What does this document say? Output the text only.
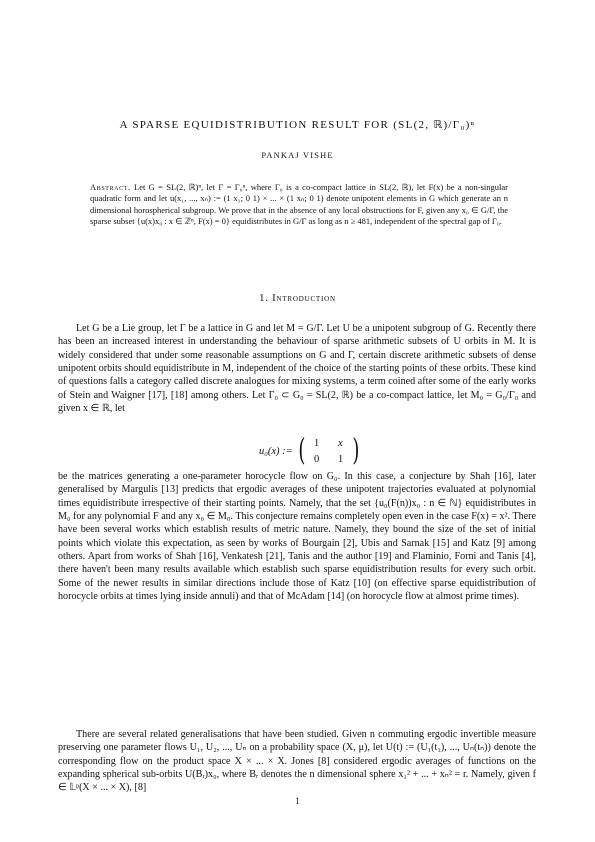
A SPARSE EQUIDISTRIBUTION RESULT FOR (SL(2, ℝ)/Γ₀)ⁿ
PANKAJ VISHE
Abstract. Let G = SL(2, ℝ)ⁿ, let Γ = Γ₀ⁿ, where Γ₀ is a co-compact lattice in SL(2, ℝ), let F(x) be a non-singular quadratic form and let u(x₁, ..., xₙ) := (1 x₁; 0 1) × ... × (1 xₙ; 0 1) denote unipotent elements in G which generate an n dimensional horospherical subgroup. We prove that in the absence of any local obstructions for F, given any x₀ ∈ G/Γ, the sparse subset {u(x)x₀ : x ∈ ℤⁿ, F(x) = 0} equidistributes in G/Γ as long as n ≥ 481, independent of the spectral gap of Γ₀.
1. Introduction

Let G be a Lie group, let Γ be a lattice in G and let M = G/Γ. Let U be a unipotent subgroup of G. Recently there has been an increased interest in understanding the behaviour of sparse arithmetic subsets of U orbits in M. It is widely considered that under some reasonable assumptions on G and Γ, certain discrete arithmetic subsets of dense unipotent orbits should equidistribute in M, independent of the choice of the starting points of these orbits. These kind of questions falls a category called discrete analogues for mixing systems, a term coined after some of the early works of Stein and Waigner [17], [18] among others. Let Γ₀ ⊂ G₀ = SL(2, ℝ) be a co-compact lattice, let M₀ = G₀/Γ₀ and given x ∈ ℝ, let

u₀(x) := ( 1 x
0 1 )

be the matrices generating a one-parameter horocycle flow on G₀. In this case, a conjecture by Shah [16], later generalised by Margulis [13] predicts that ergodic averages of these unipotent trajectories evaluated at polynomial times equidistribute irrespective of their starting points. Namely, that the set {u₀(F(n))x₀ : n ∈ ℕ} equidistributes in M₀ for any polynomial F and any x₀ ∈ M₀. This conjecture remains completely open even in the case F(x) = x². There have been several works which establish results of metric nature. Namely, they bound the size of the set of initial points which violate this expectation, as seen by works of Bourgain [2], Ubis and Sarnak [15] and Katz [9] among others. Apart from works of Shah [16], Venkatesh [21], Tanis and the author [19] and Flaminio, Forni and Tanis [4], there haven't been many results available which establish such sparse equidistribution results for every such orbit. Some of the newer results in similar directions include those of Katz [10] (on effective sparse equidistribution of horocycle orbits at times lying inside annuli) and that of McAdam [14] (on horocycle flow at almost prime times).

There are several related generalisations that have been studied. Given n commuting ergodic invertible measure preserving one parameter flows U₁, U₂, ..., Uₙ on a probability space (X, μ), let U(t) := (U₁(t₁), ..., Uₙ(tₙ)) denote the corresponding flow on the product space X × ... × X. Jones [8] considered ergodic averages of functions on the expanding spherical sub-orbits U(Bᵣ)x₀, where Bᵣ denotes the n dimensional sphere x₁² + ... + xₙ² = r. Namely, given f ∈ 𝕃ᵖ(X × ... × X), [8]

1
